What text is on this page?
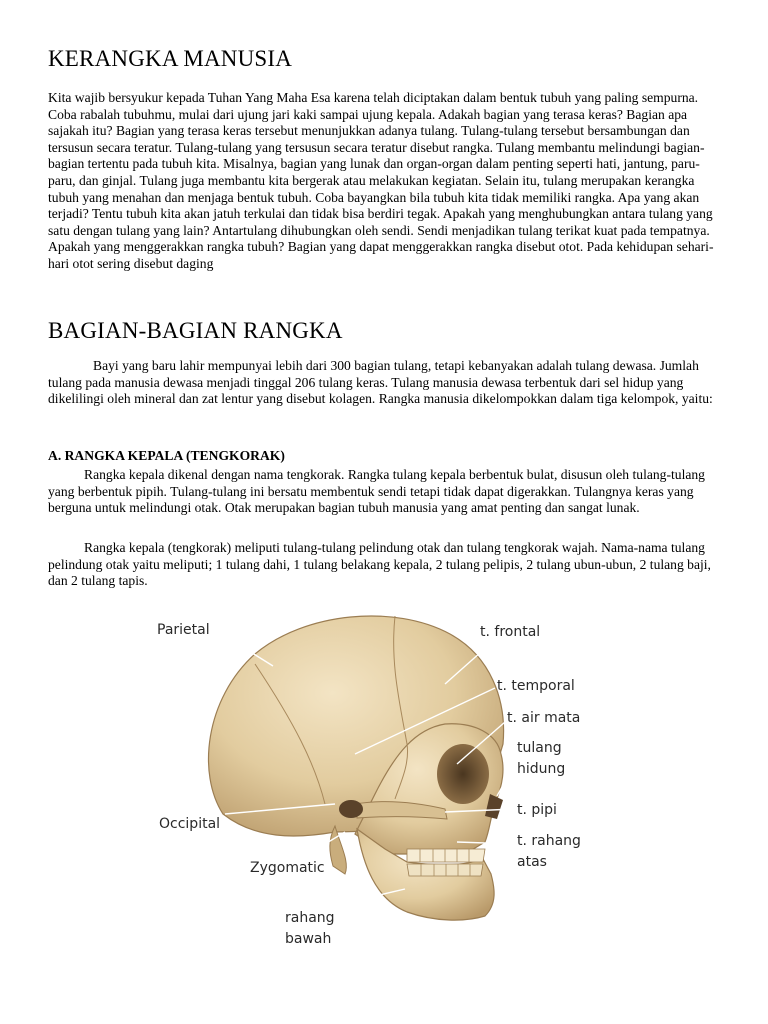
KERANGKA MANUSIA

Kita wajib bersyukur kepada Tuhan Yang Maha Esa karena telah diciptakan dalam bentuk tubuh yang paling sempurna. Coba rabalah tubuhmu, mulai dari ujung jari kaki sampai ujung kepala. Adakah bagian yang terasa keras? Bagian apa sajakah itu? Bagian yang terasa keras tersebut menunjukkan adanya tulang. Tulang-tulang tersebut bersambungan dan tersusun secara teratur. Tulang-tulang yang tersusun secara teratur disebut rangka. Tulang membantu melindungi bagian-bagian tertentu pada tubuh kita. Misalnya, bagian yang lunak dan organ-organ dalam penting seperti hati, jantung, paru-paru, dan ginjal. Tulang juga membantu kita bergerak atau melakukan kegiatan. Selain itu, tulang merupakan kerangka tubuh yang menahan dan menjaga bentuk tubuh. Coba bayangkan bila tubuh kita tidak memiliki rangka. Apa yang akan terjadi? Tentu tubuh kita akan jatuh terkulai dan tidak bisa berdiri tegak. Apakah yang menghubungkan antara tulang yang satu dengan tulang yang lain? Antartulang dihubungkan oleh sendi. Sendi menjadikan tulang terikat kuat pada tempatnya. Apakah yang menggerakkan rangka tubuh? Bagian yang dapat menggerakkan rangka disebut otot. Pada kehidupan sehari-hari otot sering disebut daging

BAGIAN-BAGIAN RANGKA

Bayi yang baru lahir mempunyai lebih dari 300 bagian tulang, tetapi kebanyakan adalah tulang dewasa. Jumlah tulang pada manusia dewasa menjadi tinggal 206 tulang keras. Tulang manusia dewasa terbentuk dari sel hidup yang dikelilingi oleh mineral dan zat lentur yang disebut kolagen. Rangka manusia dikelompokkan dalam tiga kelompok, yaitu:

A. RANGKA KEPALA (TENGKORAK)

Rangka kepala dikenal dengan nama tengkorak. Rangka tulang kepala berbentuk bulat, disusun oleh tulang-tulang yang berbentuk pipih. Tulang-tulang ini bersatu membentuk sendi tetapi tidak dapat digerakkan. Tulangnya keras yang berguna untuk melindungi otak. Otak merupakan bagian tubuh manusia yang amat penting dan sangat lunak.

Rangka kepala (tengkorak) meliputi tulang-tulang pelindung otak dan tulang tengkorak wajah. Nama-nama tulang pelindung otak yaitu meliputi; 1 tulang dahi, 1 tulang belakang kepala, 2 tulang pelipis, 2 tulang ubun-ubun, 2 tulang baji, dan 2 tulang tapis.

Parietal	t. frontal
t. temporal
t. air mata
tulang
hidung
Occipital
t. pipi
t. rahang
atas
Zygomatic
rahang
bawah
